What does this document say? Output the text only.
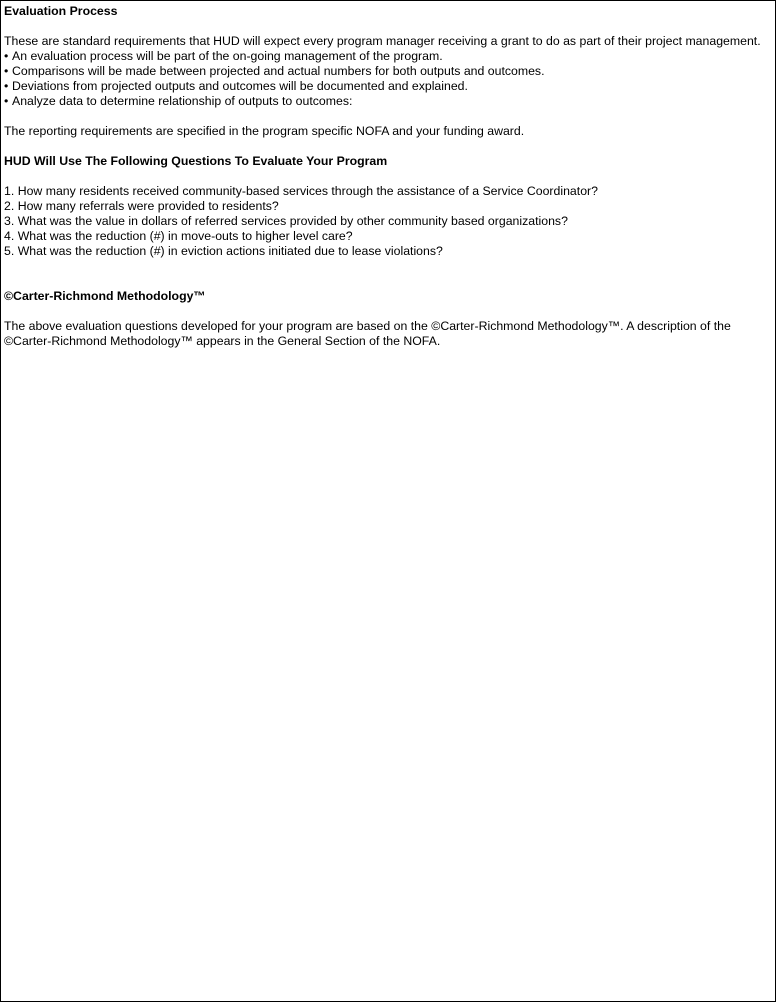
Evaluation Process
These are standard requirements that HUD will expect every program manager receiving a grant to do as part of their project management.
• An evaluation process will be part of the on-going management of the program.
• Comparisons will be made between projected and actual numbers for both outputs and outcomes.
• Deviations from projected outputs and outcomes will be documented and explained.
• Analyze data to determine relationship of outputs to outcomes:
The reporting requirements are specified in the program specific NOFA and your funding award.
HUD Will Use The Following Questions To Evaluate Your Program
1. How many residents received community-based services through the assistance of a Service Coordinator?
2. How many referrals were provided to residents?
3. What was the value in dollars of referred services provided by other community based organizations?
4. What was the reduction (#) in move-outs to higher level care?
5. What was the reduction (#) in eviction actions initiated due to lease violations?
©Carter-Richmond Methodology™
The above evaluation questions developed for your program are based on the ©Carter-Richmond Methodology™. A description of the ©Carter-Richmond Methodology™ appears in the General Section of the NOFA.
